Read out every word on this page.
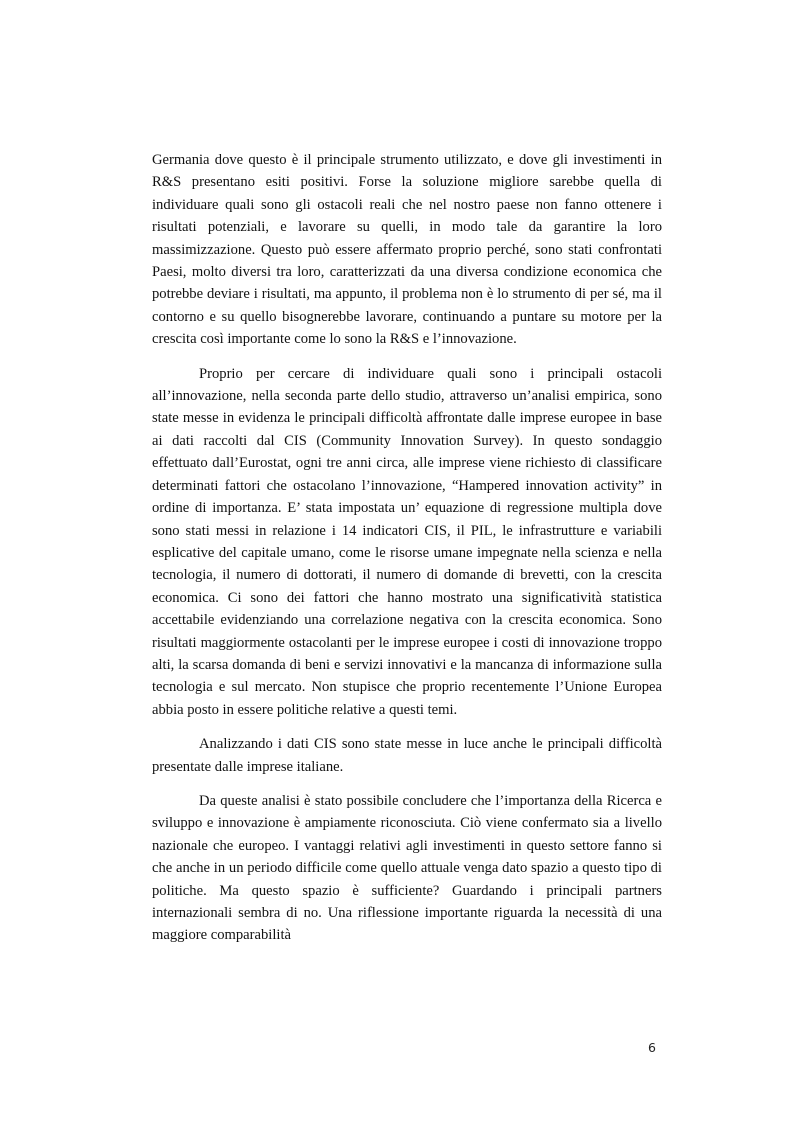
Germania dove questo è il principale strumento utilizzato, e dove gli investimenti in R&S presentano esiti positivi. Forse la soluzione migliore sarebbe quella di individuare quali sono gli ostacoli reali che nel nostro paese non fanno ottenere i risultati potenziali, e lavorare su quelli, in modo tale da garantire la loro massimizzazione. Questo può essere affermato proprio perché, sono stati confrontati Paesi, molto diversi tra loro, caratterizzati da una diversa condizione economica che potrebbe deviare i risultati, ma appunto, il problema non è lo strumento di per sé, ma il contorno e su quello bisognerebbe lavorare, continuando a puntare su motore per la crescita così importante come lo sono la R&S e l’innovazione.

Proprio per cercare di individuare quali sono i principali ostacoli all’innovazione, nella seconda parte dello studio, attraverso un’analisi empirica, sono state messe in evidenza le principali difficoltà affrontate dalle imprese europee in base ai dati raccolti dal CIS (Community Innovation Survey). In questo sondaggio effettuato dall’Eurostat, ogni tre anni circa, alle imprese viene richiesto di classificare determinati fattori che ostacolano l’innovazione, “Hampered innovation activity” in ordine di importanza. E’ stata impostata un’ equazione di regressione multipla dove sono stati messi in relazione i 14 indicatori CIS, il PIL, le infrastrutture e variabili esplicative del capitale umano, come le risorse umane impegnate nella scienza e nella tecnologia, il numero di dottorati, il numero di domande di brevetti, con la crescita economica. Ci sono dei fattori che hanno mostrato una significatività statistica accettabile evidenziando una correlazione negativa con la crescita economica. Sono risultati maggiormente ostacolanti per le imprese europee i costi di innovazione troppo alti, la scarsa domanda di beni e servizi innovativi e la mancanza di informazione sulla tecnologia e sul mercato. Non stupisce che proprio recentemente l’Unione Europea abbia posto in essere politiche relative a questi temi.

Analizzando i dati CIS sono state messe in luce anche le principali difficoltà presentate dalle imprese italiane.

Da queste analisi è stato possibile concludere che l’importanza della Ricerca e sviluppo e innovazione è ampiamente riconosciuta. Ciò viene confermato sia a livello nazionale che europeo. I vantaggi relativi agli investimenti in questo settore fanno si che anche in un periodo difficile come quello attuale venga dato spazio a questo tipo di politiche. Ma questo spazio è sufficiente? Guardando i principali partners internazionali sembra di no. Una riflessione importante riguarda la necessità di una maggiore comparabilità

6
